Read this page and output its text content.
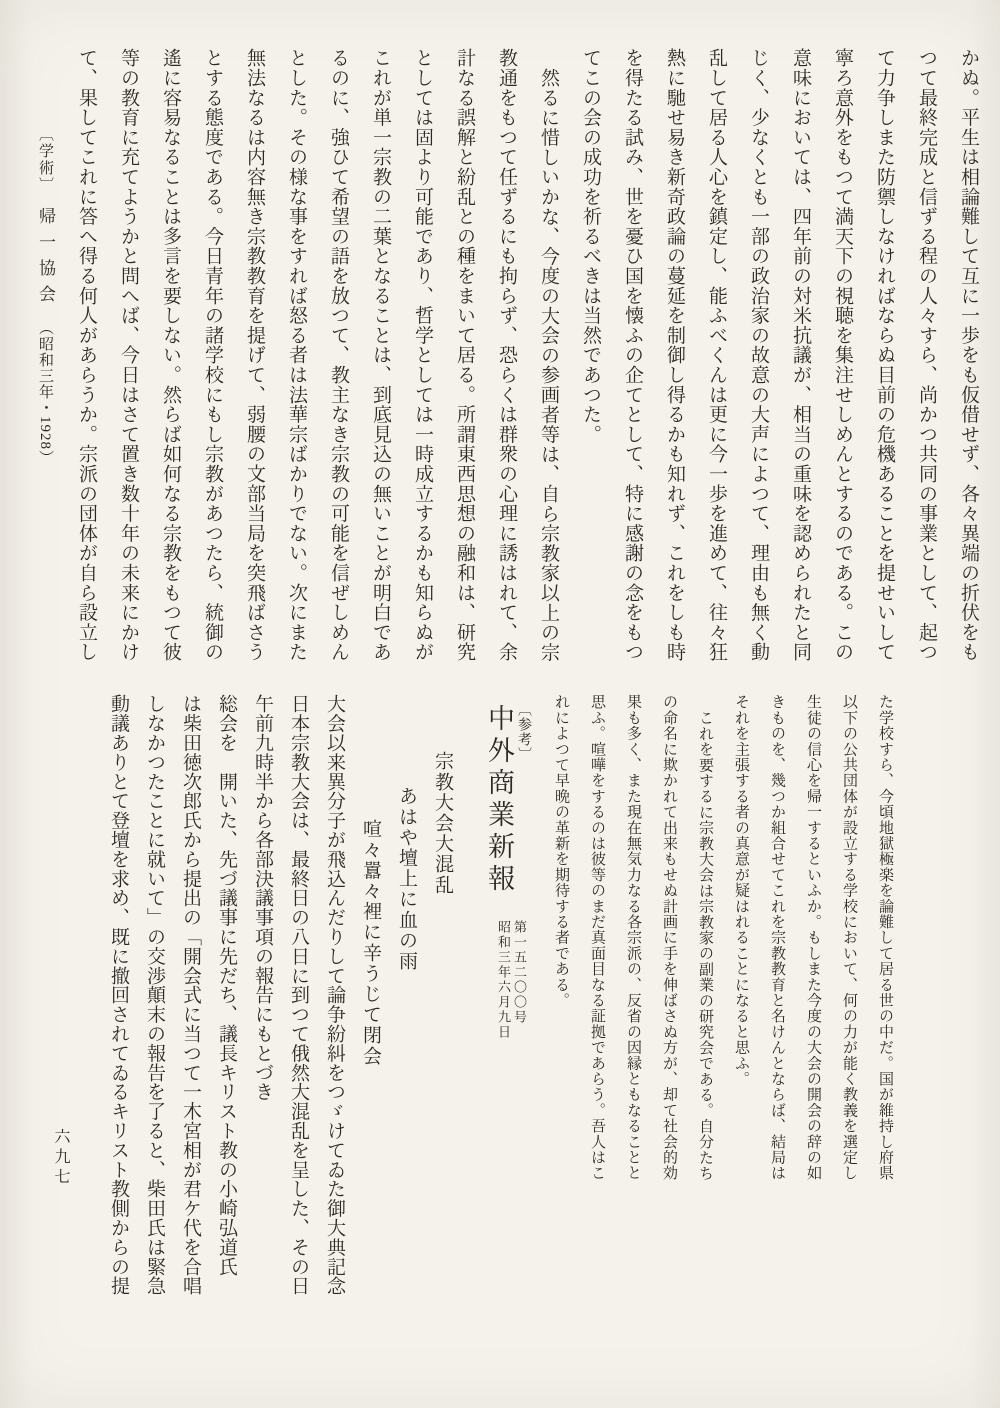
かぬ。平生は相論難して互に一歩をも仮借せず、各々異端の折伏をも
つて最終完成と信ずる程の人々すら、尚かつ共同の事業として、起つ
て力争しまた防禦しなければならぬ目前の危機あることを提せいして
寧ろ意外をもつて満天下の視聴を集注せしめんとするのである。この
意味においては、四年前の対米抗議が、相当の重味を認められたと同
じく、少なくとも一部の政治家の故意の大声によつて、理由も無く動
乱して居る人心を鎮定し、能ふべくんは更に今一歩を進めて、往々狂
熱に馳せ易き新奇政論の蔓延を制御し得るかも知れず、これをしも時
を得たる試み、世を憂ひ国を懐ふの企てとして、特に感謝の念をもつ
てこの会の成功を祈るべきは当然であつた。
然るに惜しいかな、今度の大会の参画者等は、自ら宗教家以上の宗
教通をもつて任ずるにも拘らず、恐らくは群衆の心理に誘はれて、余
計なる誤解と紛乱との種をまいて居る。所謂東西思想の融和は、研究
としては固より可能であり、哲学としては一時成立するかも知らぬが
これが単一宗教の二葉となることは、到底見込の無いことが明白であ
るのに、強ひて希望の語を放つて、教主なき宗教の可能を信ぜしめん
とした。その様な事をすれば怒る者は法華宗ばかりでない。次にまた
無法なるは内容無き宗教教育を提げて、弱腰の文部当局を突飛ばさう
とする態度である。今日青年の諸学校にもし宗教があつたら、統御の
遙に容易なることは多言を要しない。然らば如何なる宗教をもつて彼
等の教育に充てようかと問へば、今日はさて置き数十年の未来にかけ
て、果してこれに答へ得る何人があらうか。宗派の団体が自ら設立し
〔学術〕帰一協会（昭和三年・1928）
た学校すら、今頃地獄極楽を論難して居る世の中だ。国が維持し府県
以下の公共団体が設立する学校において、何の力が能く教義を選定し
生徒の信心を帰一するといふか。もしまた今度の大会の開会の辞の如
きものを、幾つか組合せてこれを宗教教育と名けんとならば、結局は
それを主張する者の真意が疑はれることになると思ふ。
これを要するに宗教大会は宗教家の副業の研究会である。自分たち
の命名に欺かれて出来もせぬ計画に手を伸ばさぬ方が、却て社会的効
果も多く、また現在無気力なる各宗派の、反省の因縁ともなることと
思ふ。喧嘩をするのは彼等のまだ真面目なる証拠であらう。吾人はこ
れによつて早晩の革新を期待する者である。
〔参考〕
中外商業新報
第一五二〇〇号
昭和三年六月九日
宗教大会大混乱
あはや壇上に血の雨
喧々囂々裡に辛うじて閉会
大会以来異分子が飛込んだりして論争紛糾をつゞけてゐた御大典記念
日本宗教大会は、最終日の八日に到つて俄然大混乱を呈した、その日
午前九時半から各部決議事項の報告にもとづき
総会を　開いた、先づ議事に先だち、議長キリスト教の小崎弘道氏
は柴田徳次郎氏から提出の「開会式に当つて一木宮相が君ケ代を合唱
しなかつたことに就いて」の交渉顛末の報告を了ると、柴田氏は緊急
動議ありとて登壇を求め、既に撤回されてゐるキリスト教側からの提
六九七
